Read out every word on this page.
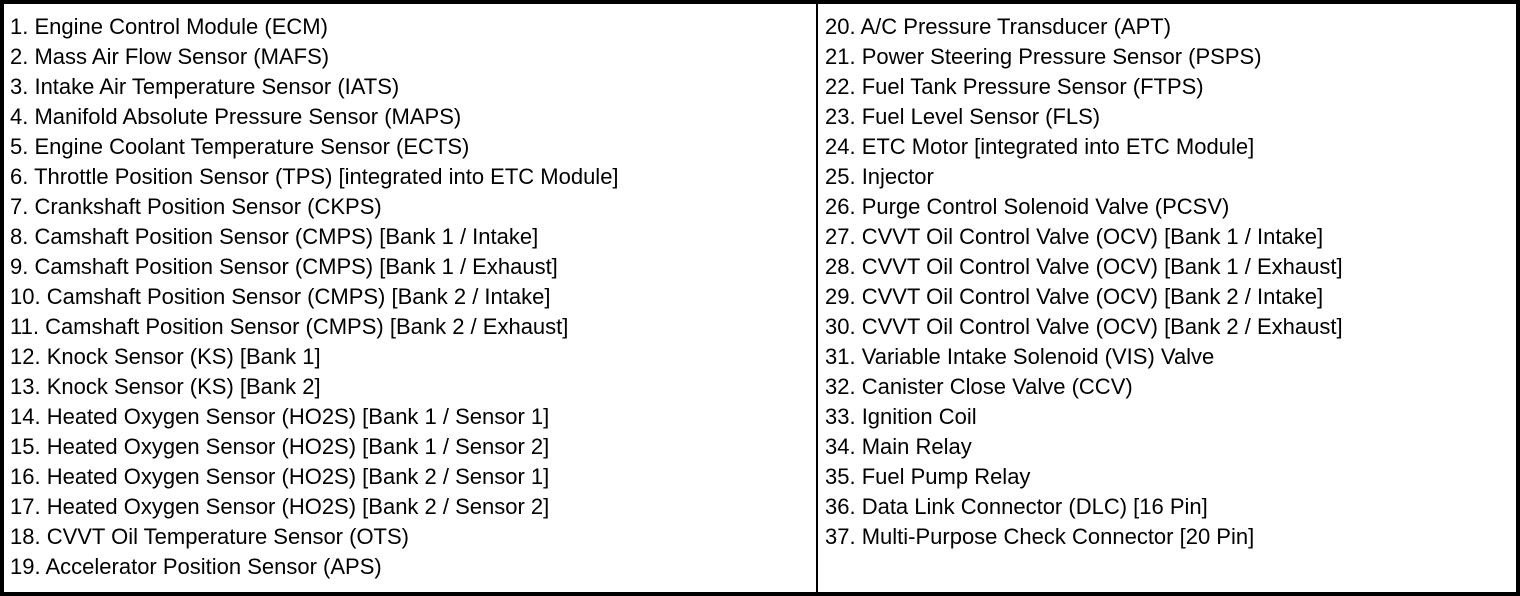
1. Engine Control Module (ECM)
2. Mass Air Flow Sensor (MAFS)
3. Intake Air Temperature Sensor (IATS)
4. Manifold Absolute Pressure Sensor (MAPS)
5. Engine Coolant Temperature Sensor (ECTS)
6. Throttle Position Sensor (TPS) [integrated into ETC Module]
7. Crankshaft Position Sensor (CKPS)
8. Camshaft Position Sensor (CMPS) [Bank 1 / Intake]
9. Camshaft Position Sensor (CMPS) [Bank 1 / Exhaust]
10. Camshaft Position Sensor (CMPS) [Bank 2 / Intake]
11. Camshaft Position Sensor (CMPS) [Bank 2 / Exhaust]
12. Knock Sensor (KS) [Bank 1]
13. Knock Sensor (KS) [Bank 2]
14. Heated Oxygen Sensor (HO2S) [Bank 1 / Sensor 1]
15. Heated Oxygen Sensor (HO2S) [Bank 1 / Sensor 2]
16. Heated Oxygen Sensor (HO2S) [Bank 2 / Sensor 1]
17. Heated Oxygen Sensor (HO2S) [Bank 2 / Sensor 2]
18. CVVT Oil Temperature Sensor (OTS)
19. Accelerator Position Sensor (APS)
20. A/C Pressure Transducer (APT)
21. Power Steering Pressure Sensor (PSPS)
22. Fuel Tank Pressure Sensor (FTPS)
23. Fuel Level Sensor (FLS)
24. ETC Motor [integrated into ETC Module]
25. Injector
26. Purge Control Solenoid Valve (PCSV)
27. CVVT Oil Control Valve (OCV) [Bank 1 / Intake]
28. CVVT Oil Control Valve (OCV) [Bank 1 / Exhaust]
29. CVVT Oil Control Valve (OCV) [Bank 2 / Intake]
30. CVVT Oil Control Valve (OCV) [Bank 2 / Exhaust]
31. Variable Intake Solenoid (VIS) Valve
32. Canister Close Valve (CCV)
33. Ignition Coil
34. Main Relay
35. Fuel Pump Relay
36. Data Link Connector (DLC) [16 Pin]
37. Multi-Purpose Check Connector [20 Pin]
